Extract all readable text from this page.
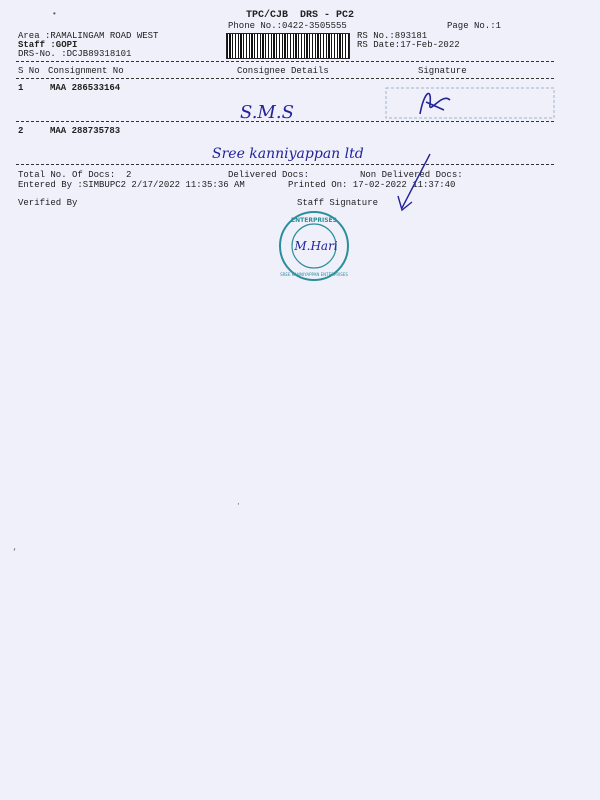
TPC/CJB  DRS - PC2
Phone No.:0422-3505555	Page No.:1
Area :RAMALINGAM ROAD WEST
Staff :GOPI
DRS-No. :DCJB89318101
RS No.:893181
RS Date:17-Feb-2022
•
S No Consignment No	Consignee Details	Signature
1	MAA 286533164
S.M.S
2	MAA 288735783
Sree kanniyappan ltd
Total No. Of Docs:  2	Delivered Docs:	Non Delivered Docs:
Entered By :SIMBUPC2 2/17/2022 11:35:36 AM	Printed On: 17-02-2022 11:37:40
Verified By	Staff Signature
ENTERPRISES
SREE KANNIYAPPAN ENTERPRISES
M.Hari
‘
·
